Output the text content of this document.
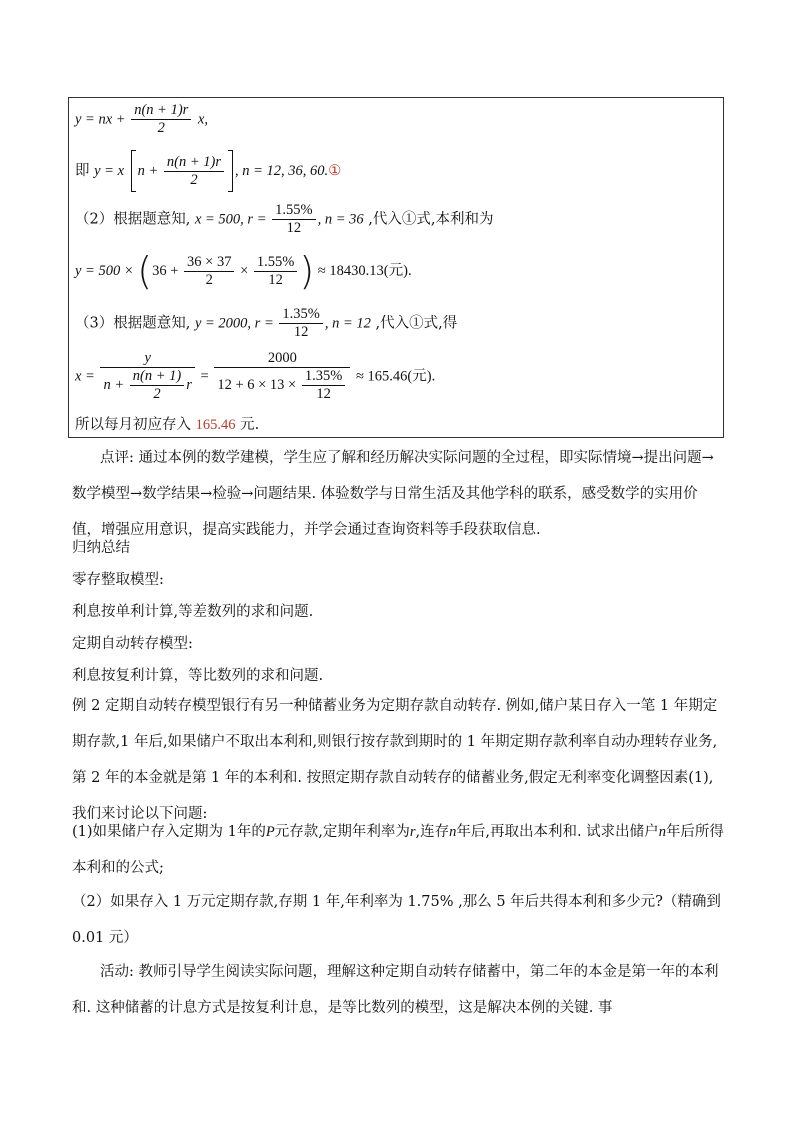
y = nx + $\frac{n(n + 1)r}{2} x$,
即 y = x $n + \frac{n(n + 1)r}{2}$ , n = 12, 36, 60.①
（2）根据题意知, x = 500, $r = \frac{1.55\%}{12}$ , n = 36 ,代入①式,本利和为
$y = 500 \times (36 + \frac{36 \times 37}{2} \times \frac{1.55\%}{12}$ ) ≈ 18430.13(元).
（3）根据题意知, y = 2000, $r = \frac{1.35\%}{12}$ , n = 12 ,代入①式,得
$x = \frac{y}{n + \frac{n(n + 1)}{2} r} = \frac{2000}{12 + 6 \times 13 \times \frac{1.35\%}{12}} \approx 165.46$(元).
所以每月初应存入 165.46 元.
点评: 通过本例的数学建模，学生应了解和经历解决实际问题的全过程，即实际情境→提出问题→数学模型→数学结果→检验→问题结果. 体验数学与日常生活及其他学科的联系，感受数学的实用价值，增强应用意识，提高实践能力，并学会通过查询资料等手段获取信息.
归纳总结
零存整取模型:
利息按单利计算,等差数列的求和问题.
定期自动转存模型:
利息按复利计算，等比数列的求和问题.
例 2 定期自动转存模型银行有另一种储蓄业务为定期存款自动转存. 例如,储户某日存入一笔 1 年期定期存款,1 年后,如果储户不取出本利和,则银行按存款到期时的 1 年期定期存款利率自动办理转存业务,第 2 年的本金就是第 1 年的本利和. 按照定期存款自动转存的储蓄业务,假定无利率变化调整因素(1),我们来讨论以下问题:
(1)如果储户存入定期为 1年的P元存款,定期年利率为r,连存n年后,再取出本利和. 试求出储户n年后所得本利和的公式;
（2）如果存入 1 万元定期存款,存期 1 年,年利率为 1.75% ,那么 5 年后共得本利和多少元?（精确到 0.01 元）
活动: 教师引导学生阅读实际问题，理解这种定期自动转存储蓄中，第二年的本金是第一年的本利和. 这种储蓄的计息方式是按复利计息，是等比数列的模型，这是解决本例的关键. 事
